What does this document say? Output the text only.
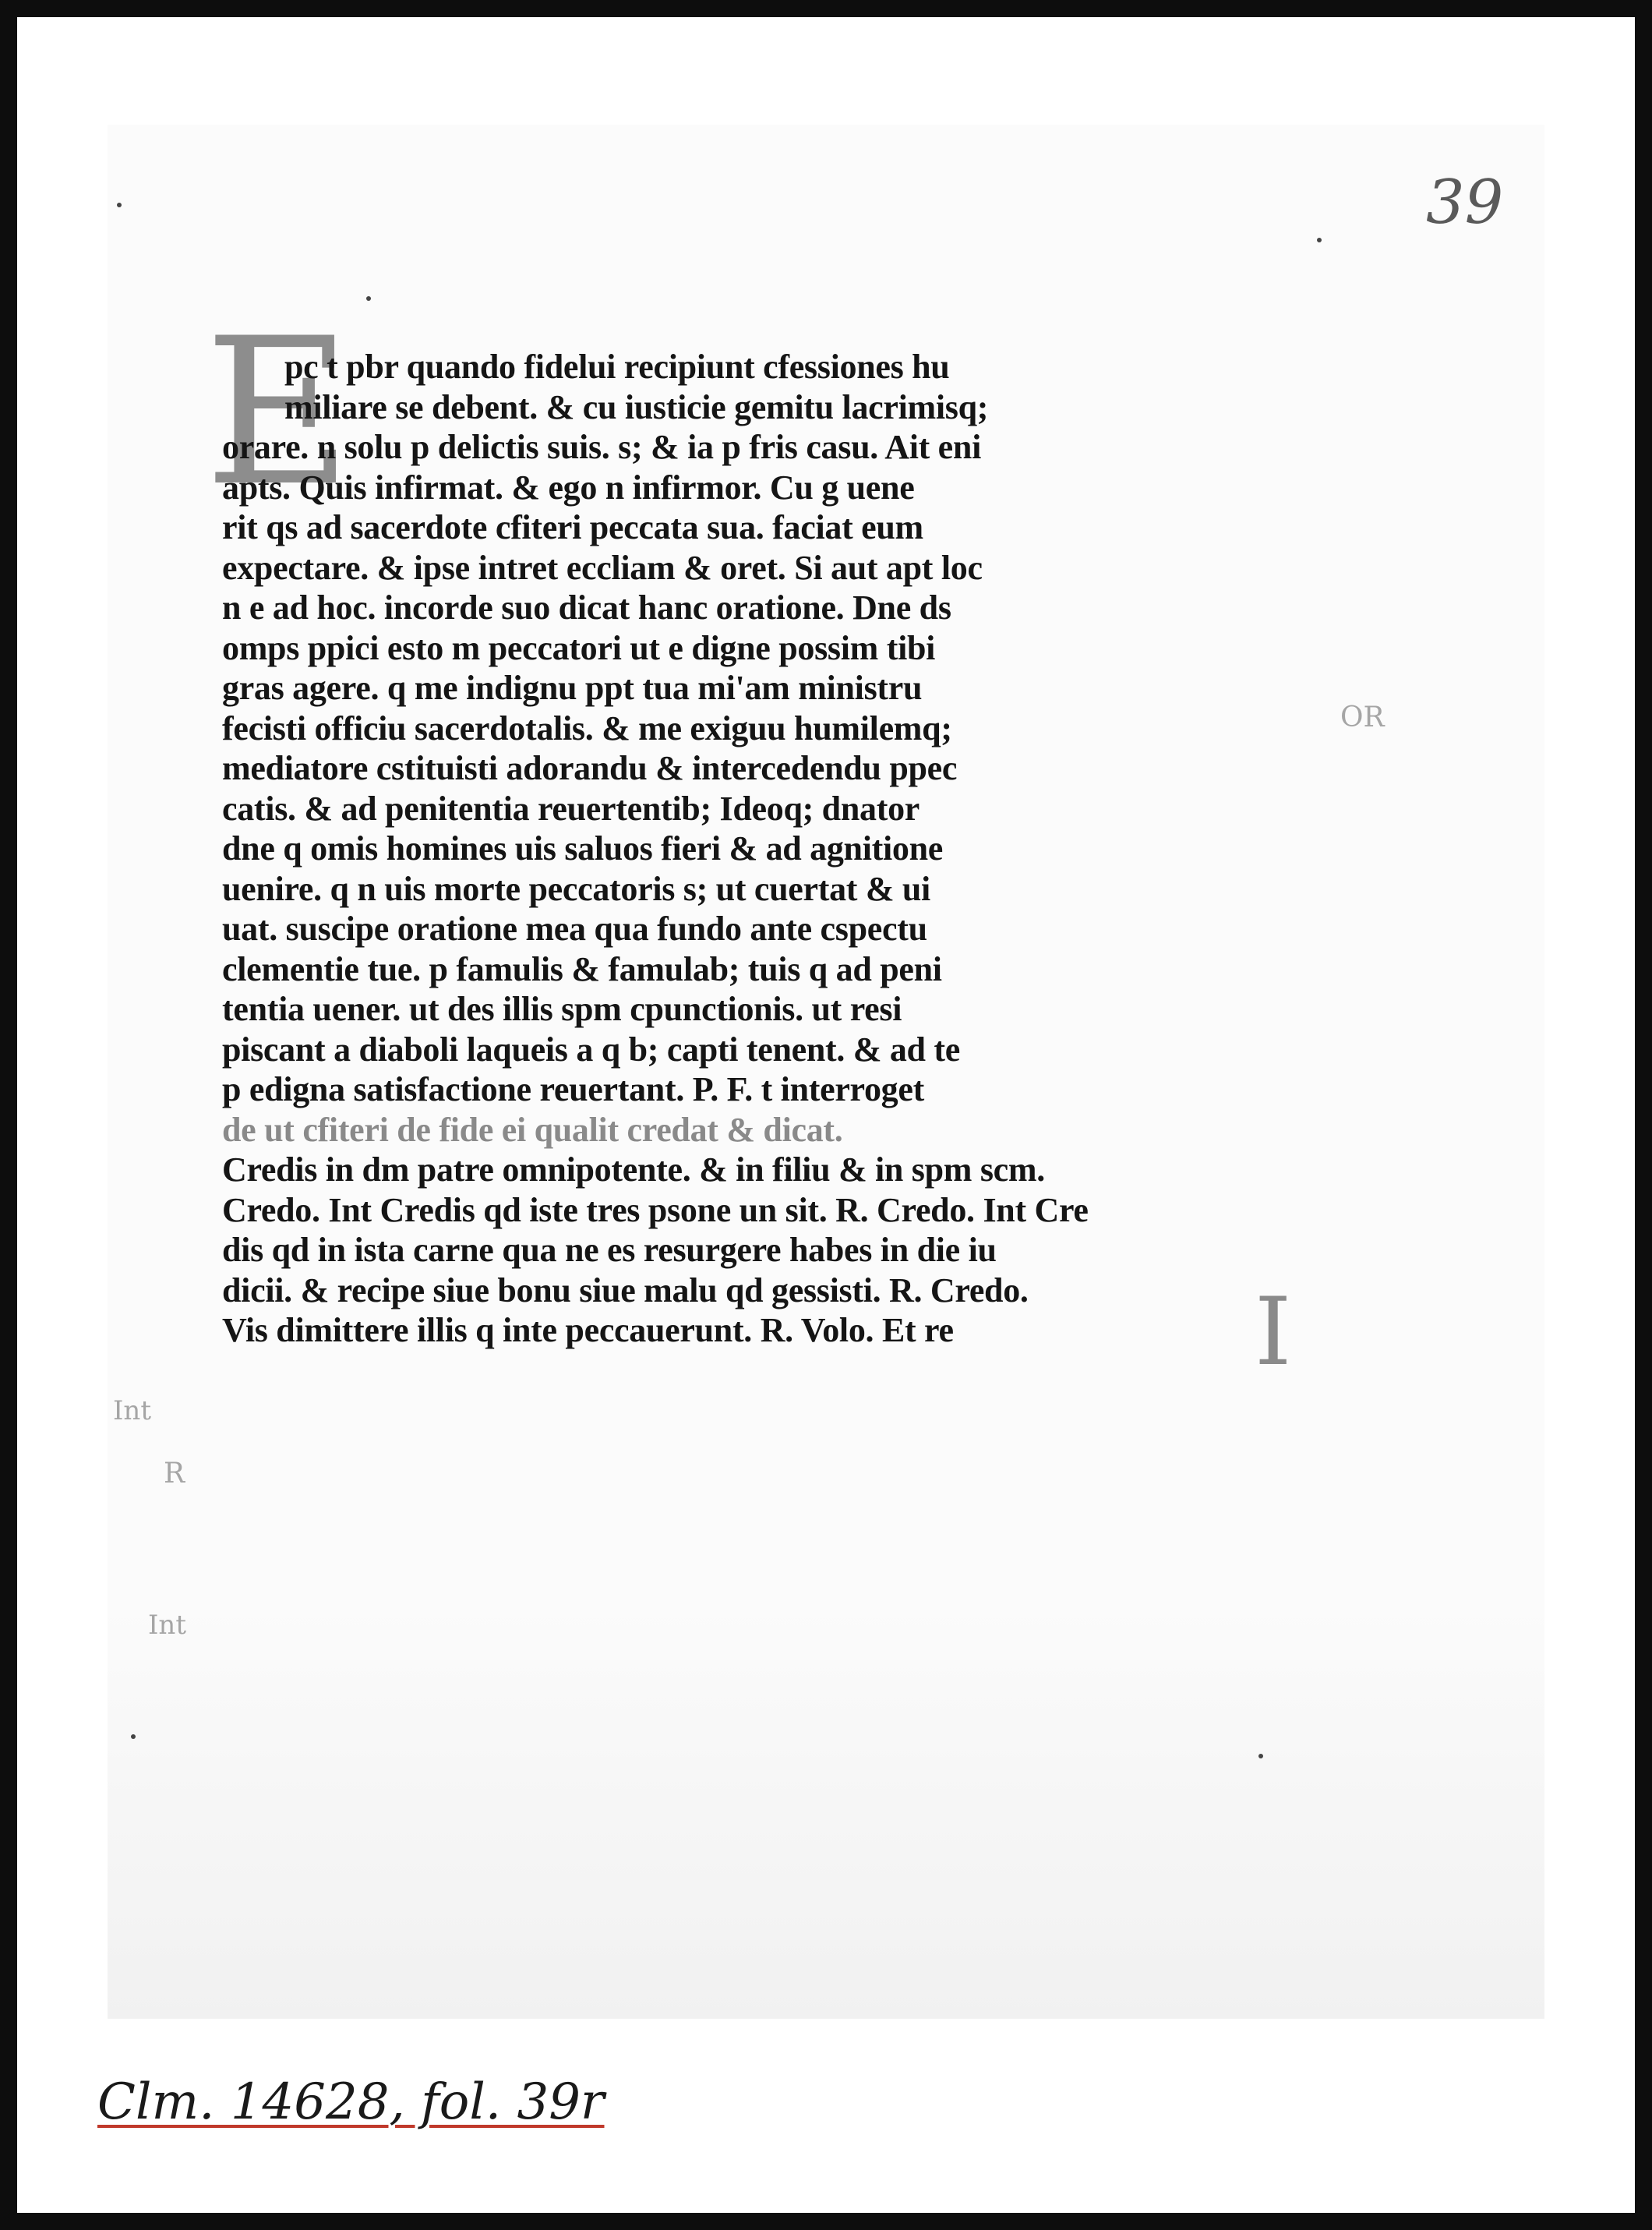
39
E
OR
Int
R
Int
I
pc t pbr quando fidelui recipiunt cfessiones hu
miliare se debent. & cu iusticie gemitu lacrimisq;
orare. n solu p delictis suis. s; & ia p fris casu. Ait eni
apts. Quis infirmat. & ego n infirmor. Cu g uene
rit qs ad sacerdote cfiteri peccata sua. faciat eum
expectare. & ipse intret eccliam & oret. Si aut apt loc
n e ad hoc. incorde suo dicat hanc oratione. Dne ds
omps ppici esto m peccatori ut e digne possim tibi
gras agere. q me indignu ppt tua mi'am ministru
fecisti officiu sacerdotalis. & me exiguu humilemq;
mediatore cstituisti adorandu & intercedendu ppec
catis. & ad penitentia reuertentib; Ideoq; dnator
dne q omis homines uis saluos fieri & ad agnitione
uenire. q n uis morte peccatoris s; ut cuertat & ui
uat. suscipe oratione mea qua fundo ante cspectu
clementie tue. p famulis & famulab; tuis q ad peni
tentia uener. ut des illis spm cpunctionis. ut resi
piscant a diaboli laqueis a q b; capti tenent. & ad te
p edigna satisfactione reuertant. P. F. t interroget
de ut cfiteri de fide ei qualit credat & dicat.
Credis in dm patre omnipotente. & in filiu & in spm scm.
Credo. Int Credis qd iste tres psone un sit. R. Credo. Int Cre
dis qd in ista carne qua ne es resurgere habes in die iu
dicii. & recipe siue bonu siue malu qd gessisti. R. Credo.
Vis dimittere illis q inte peccauerunt. R. Volo. Et re
Clm. 14628, fol. 39r
